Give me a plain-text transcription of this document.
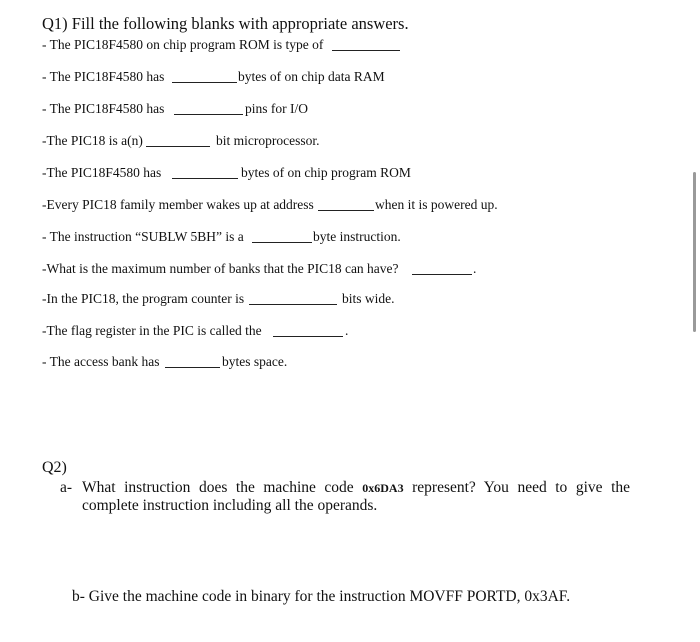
Q1) Fill the following blanks with appropriate answers.
- The PIC18F4580 on chip program ROM is type of
- The PIC18F4580 has	bytes of on chip data RAM
- The PIC18F4580 has	pins for I/O
-The PIC18 is a(n)	bit microprocessor.
-The PIC18F4580 has	bytes of on chip program ROM
-Every PIC18 family member wakes up at address	when it is powered up.
- The instruction “SUBLW 5BH” is a	byte instruction.
-What is the maximum number of banks that the PIC18 can have?	.
-In the PIC18, the program counter is	bits wide.
-The flag register in the PIC is called the	.
- The access bank has	bytes space.
Q2)
a- What instruction does the machine code 0x6DA3 represent? You need to give the complete instruction including all the operands.
b- Give the machine code in binary for the instruction MOVFF PORTD, 0x3AF.
